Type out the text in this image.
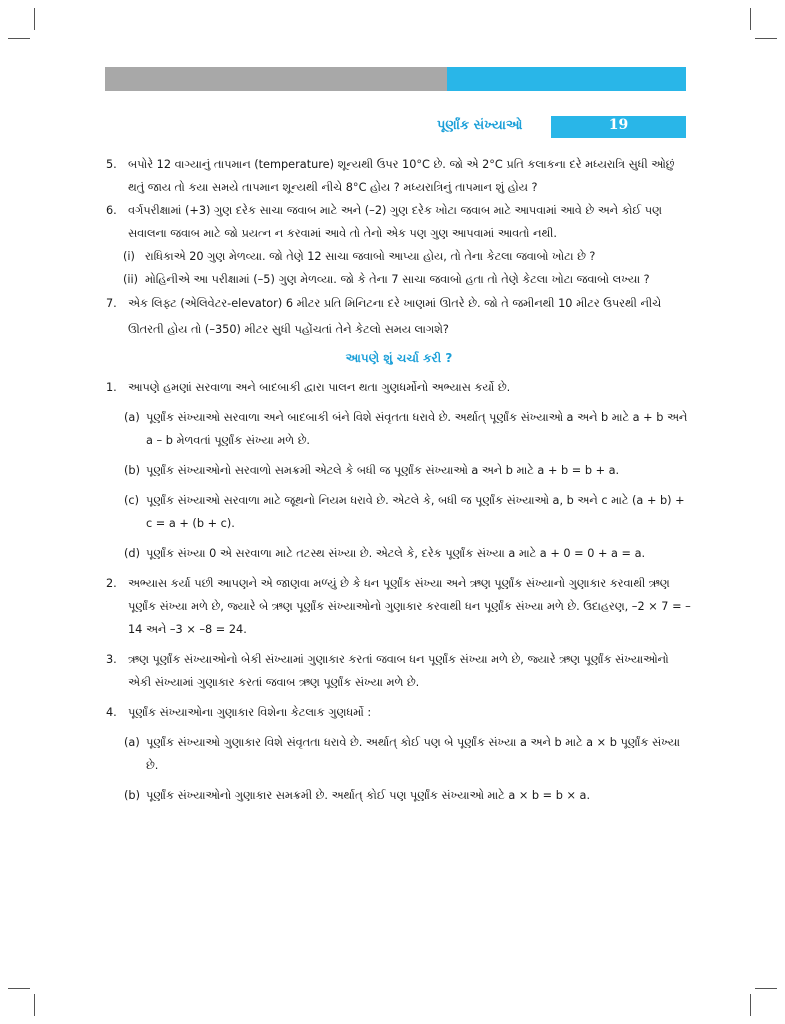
પૂર્ણાંક સંખ્યાઓ	19
5. બપોરે 12 વાગ્યાનું તાપમાન (temperature) શૂન્યથી ઉપર 10°C છે. જો એ 2°C પ્રતિ કલાકના દરે મધ્યરાત્રિ સુધી ઓછું થતું જાય તો કયા સમયે તાપમાન શૂન્યથી નીચે 8°C હોય ? મધ્યરાત્રિનું તાપમાન શું હોય ?
6. વર્ગપરીક્ષામાં (+3) ગુણ દરેક સાચા જવાબ માટે અને (–2) ગુણ દરેક ખોટા જવાબ માટે આપવામાં આવે છે અને કોઈ પણ સવાલના જવાબ માટે જો પ્રયત્ન ન કરવામાં આવે તો તેનો એક પણ ગુણ આપવામાં આવતો નથી.
(i) રાધિકાએ 20 ગુણ મેળવ્યા. જો તેણે 12 સાચા જવાબો આપ્યા હોય, તો તેના કેટલા જવાબો ખોટા છે ?
(ii) મોહિનીએ આ પરીક્ષામાં (–5) ગુણ મેળવ્યા. જો કે તેના 7 સાચા જવાબો હતા તો તેણે કેટલા ખોટા જવાબો લખ્યા ?
7. એક લિફ્ટ (એલિવેટર-elevator) 6 મીટર પ્રતિ મિનિટના દરે ખાણમાં ઊતરે છે. જો તે જમીનથી 10 મીટર ઉપરથી નીચે ઊતરતી હોય તો (–350) મીટર સુધી પહોંચતાં તેને કેટલો સમય લાગશે?
આપણે શું ચર્ચા કરી ?
1. આપણે હમણાં સરવાળા અને બાદબાકી દ્વારા પાલન થતા ગુણધર્મોનો અભ્યાસ કર્યો છે.
(a) પૂર્ણાંક સંખ્યાઓ સરવાળા અને બાદબાકી બંને વિશે સંવૃતતા ધરાવે છે. અર્થાત્ પૂર્ણાંક સંખ્યાઓ a અને b માટે a + b અને a – b મેળવતાં પૂર્ણાંક સંખ્યા મળે છે.
(b) પૂર્ણાંક સંખ્યાઓનો સરવાળો સમક્રમી એટલે કે બધી જ પૂર્ણાંક સંખ્યાઓ a અને b માટે a + b = b + a.
(c) પૂર્ણાંક સંખ્યાઓ સરવાળા માટે જૂથનો નિયમ ધરાવે છે. એટલે કે, બધી જ પૂર્ણાંક સંખ્યાઓ a, b અને c માટે (a + b) + c = a + (b + c).
(d) પૂર્ણાંક સંખ્યા 0 એ સરવાળા માટે તટસ્થ સંખ્યા છે. એટલે કે, દરેક પૂર્ણાંક સંખ્યા a માટે a + 0 = 0 + a = a.
2. અભ્યાસ કર્યા પછી આપણને એ જાણવા મળ્યું છે કે ધન પૂર્ણાંક સંખ્યા અને ઋણ પૂર્ણાંક સંખ્યાનો ગુણાકાર કરવાથી ઋણ પૂર્ણાંક સંખ્યા મળે છે, જ્યારે બે ઋણ પૂર્ણાંક સંખ્યાઓનો ગુણાકાર કરવાથી ધન પૂર્ણાંક સંખ્યા મળે છે. ઉદાહરણ, –2 × 7 = –14 અને –3 × –8 = 24.
3. ઋણ પૂર્ણાંક સંખ્યાઓનો બેકી સંખ્યામાં ગુણાકાર કરતાં જવાબ ધન પૂર્ણાંક સંખ્યા મળે છે, જ્યારે ઋણ પૂર્ણાંક સંખ્યાઓનો એકી સંખ્યામાં ગુણાકાર કરતાં જવાબ ઋણ પૂર્ણાંક સંખ્યા મળે છે.
4. પૂર્ણાંક સંખ્યાઓના ગુણાકાર વિશેના કેટલાક ગુણધર્મો :
(a) પૂર્ણાંક સંખ્યાઓ ગુણાકાર વિશે સંવૃતતા ધરાવે છે. અર્થાત્ કોઈ પણ બે પૂર્ણાંક સંખ્યા a અને b માટે a × b પૂર્ણાંક સંખ્યા છે.
(b) પૂર્ણાંક સંખ્યાઓનો ગુણાકાર સમક્રમી છે. અર્થાત્ કોઈ પણ પૂર્ણાંક સંખ્યાઓ માટે a × b = b × a.
